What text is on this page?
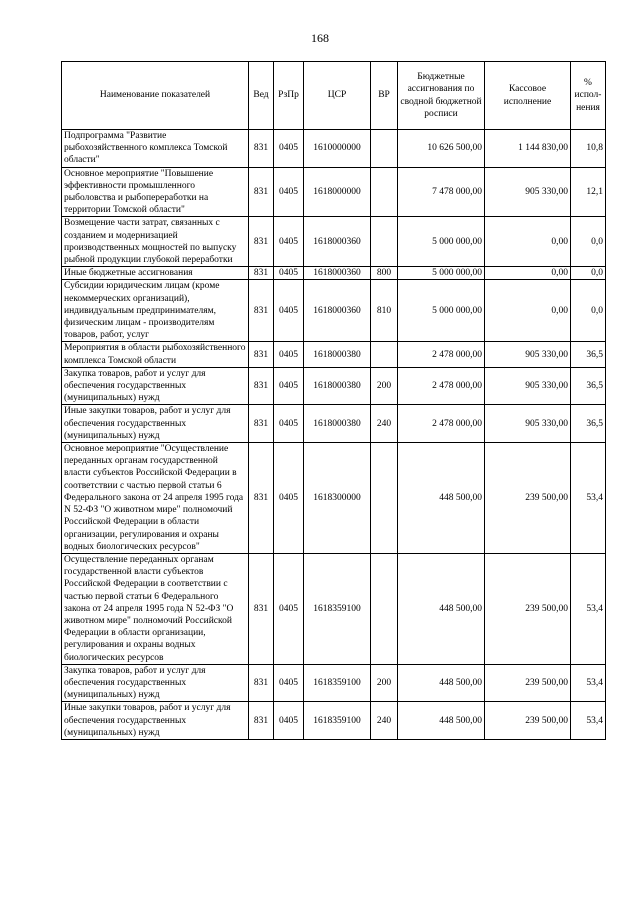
168
Наименование показателей	Вед	РзПр	ЦСР	ВР	Бюджетные ассигнования по сводной бюджетной росписи	Кассовое исполнение	% испол-нения
Подпрограмма "Развитие рыбохозяйственного комплекса Томской области"	831	0405	1610000000		10 626 500,00	1 144 830,00	10,8
Основное мероприятие "Повышение эффективности промышленного рыболовства и рыбопереработки на территории Томской области"	831	0405	1618000000		7 478 000,00	905 330,00	12,1
Возмещение части затрат, связанных с созданием и модернизацией производственных мощностей по выпуску рыбной продукции глубокой переработки	831	0405	1618000360		5 000 000,00	0,00	0,0
Иные бюджетные ассигнования	831	0405	1618000360	800	5 000 000,00	0,00	0,0
Субсидии юридическим лицам (кроме некоммерческих организаций), индивидуальным предпринимателям, физическим лицам - производителям товаров, работ, услуг	831	0405	1618000360	810	5 000 000,00	0,00	0,0
Мероприятия в области рыбохозяйственного комплекса Томской области	831	0405	1618000380		2 478 000,00	905 330,00	36,5
Закупка товаров, работ и услуг для обеспечения государственных (муниципальных) нужд	831	0405	1618000380	200	2 478 000,00	905 330,00	36,5
Иные закупки товаров, работ и услуг для обеспечения государственных (муниципальных) нужд	831	0405	1618000380	240	2 478 000,00	905 330,00	36,5
Основное мероприятие "Осуществление переданных органам государственной власти субъектов Российской Федерации в соответствии с частью первой статьи 6 Федерального закона от 24 апреля 1995 года N 52-ФЗ "О животном мире" полномочий Российской Федерации в области организации, регулирования и охраны водных биологических ресурсов"	831	0405	1618300000		448 500,00	239 500,00	53,4
Осуществление переданных органам государственной власти субъектов Российской Федерации в соответствии с частью первой статьи 6 Федерального закона от 24 апреля 1995 года N 52-ФЗ "О животном мире" полномочий Российской Федерации в области организации, регулирования и охраны водных биологических ресурсов	831	0405	1618359100		448 500,00	239 500,00	53,4
Закупка товаров, работ и услуг для обеспечения государственных (муниципальных) нужд	831	0405	1618359100	200	448 500,00	239 500,00	53,4
Иные закупки товаров, работ и услуг для обеспечения государственных (муниципальных) нужд	831	0405	1618359100	240	448 500,00	239 500,00	53,4
